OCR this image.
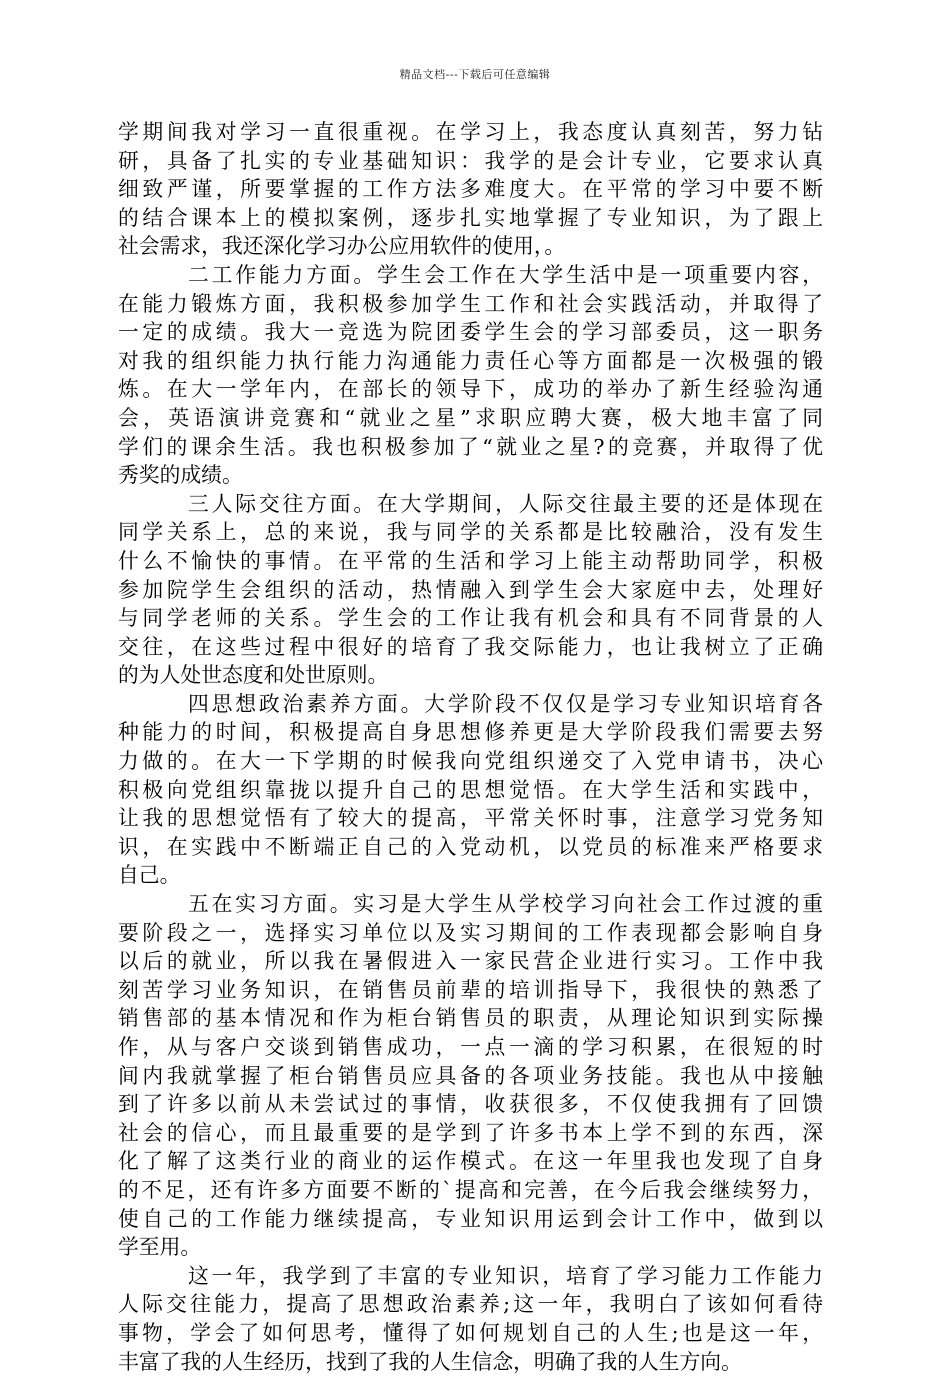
精品文档---下载后可任意编辑
学期间我对学习一直很重视。在学习上，我态度认真刻苦，努力钻
研，具备了扎实的专业基础知识：我学的是会计专业，它要求认真
细致严谨，所要掌握的工作方法多难度大。在平常的学习中要不断
的结合课本上的模拟案例，逐步扎实地掌握了专业知识，为了跟上
社会需求，我还深化学习办公应用软件的使用，。
二工作能力方面。学生会工作在大学生活中是一项重要内容，
在能力锻炼方面，我积极参加学生工作和社会实践活动，并取得了
一定的成绩。我大一竞选为院团委学生会的学习部委员，这一职务
对我的组织能力执行能力沟通能力责任心等方面都是一次极强的锻
炼。在大一学年内，在部长的领导下，成功的举办了新生经验沟通
会，英语演讲竞赛和“就业之星”求职应聘大赛，极大地丰富了同
学们的课余生活。我也积极参加了“就业之星?的竞赛，并取得了优
秀奖的成绩。
三人际交往方面。在大学期间，人际交往最主要的还是体现在
同学关系上，总的来说，我与同学的关系都是比较融洽，没有发生
什么不愉快的事情。在平常的生活和学习上能主动帮助同学，积极
参加院学生会组织的活动，热情融入到学生会大家庭中去，处理好
与同学老师的关系。学生会的工作让我有机会和具有不同背景的人
交往，在这些过程中很好的培育了我交际能力，也让我树立了正确
的为人处世态度和处世原则。
四思想政治素养方面。大学阶段不仅仅是学习专业知识培育各
种能力的时间，积极提高自身思想修养更是大学阶段我们需要去努
力做的。在大一下学期的时候我向党组织递交了入党申请书，决心
积极向党组织靠拢以提升自己的思想觉悟。在大学生活和实践中，
让我的思想觉悟有了较大的提高，平常关怀时事，注意学习党务知
识，在实践中不断端正自己的入党动机，以党员的标准来严格要求
自己。
五在实习方面。实习是大学生从学校学习向社会工作过渡的重
要阶段之一，选择实习单位以及实习期间的工作表现都会影响自身
以后的就业，所以我在暑假进入一家民营企业进行实习。工作中我
刻苦学习业务知识，在销售员前辈的培训指导下，我很快的熟悉了
销售部的基本情况和作为柜台销售员的职责，从理论知识到实际操
作，从与客户交谈到销售成功，一点一滴的学习积累，在很短的时
间内我就掌握了柜台销售员应具备的各项业务技能。我也从中接触
到了许多以前从未尝试过的事情，收获很多，不仅使我拥有了回馈
社会的信心，而且最重要的是学到了许多书本上学不到的东西，深
化了解了这类行业的商业的运作模式。在这一年里我也发现了自身
的不足，还有许多方面要不断的`提高和完善，在今后我会继续努力，
使自己的工作能力继续提高，专业知识用运到会计工作中，做到以
学至用。
这一年，我学到了丰富的专业知识，培育了学习能力工作能力
人际交往能力，提高了思想政治素养;这一年，我明白了该如何看待
事物，学会了如何思考，懂得了如何规划自己的人生;也是这一年，
丰富了我的人生经历，找到了我的人生信念，明确了我的人生方向。
